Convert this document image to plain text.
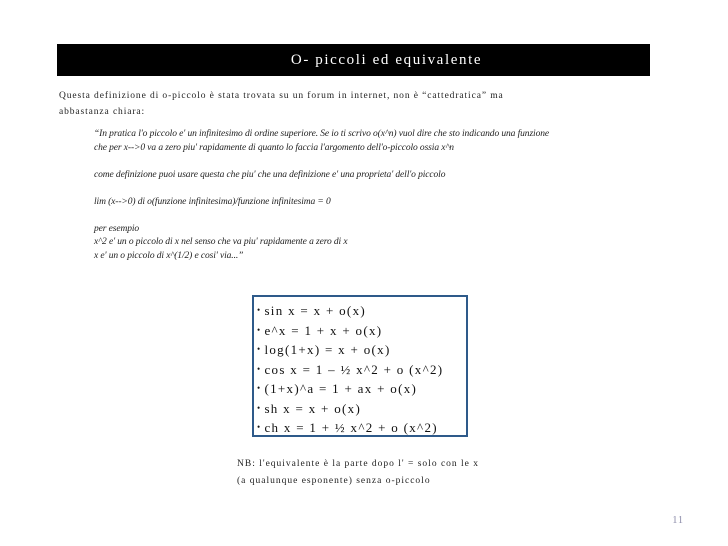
O- piccoli ed equivalente
Questa definizione di o-piccolo è stata trovata su un forum in internet, non è “cattedratica” ma abbastanza chiara:

“In pratica l'o piccolo e' un infinitesimo di ordine superiore. Se io ti scrivo o(x^n) vuol dire che sto indicando una funzione che per x-->0 va a zero piu' rapidamente di quanto lo faccia l'argomento dell'o-piccolo ossia x^n

come definizione puoi usare questa che piu' che una definizione e' una proprieta' dell'o piccolo

lim (x-->0) di o(funzione infinitesima)/funzione infinitesima = 0

per esempio
x^2 e' un o piccolo di x nel senso che va piu' rapidamente a zero di x
x e' un o piccolo di x^(1/2) e cosi' via...”

• sin x = x + o(x)
• e^x = 1 + x + o(x)
• log(1+x) = x + o(x)
• cos x = 1 – ½ x^2 + o (x^2)
• (1+x)^a = 1 + ax + o(x)
• sh x = x + o(x)
• ch x = 1 + ½ x^2 + o (x^2)

NB: l'equivalente è la parte dopo l' = solo con le x

(a qualunque esponente) senza o-piccolo

11
